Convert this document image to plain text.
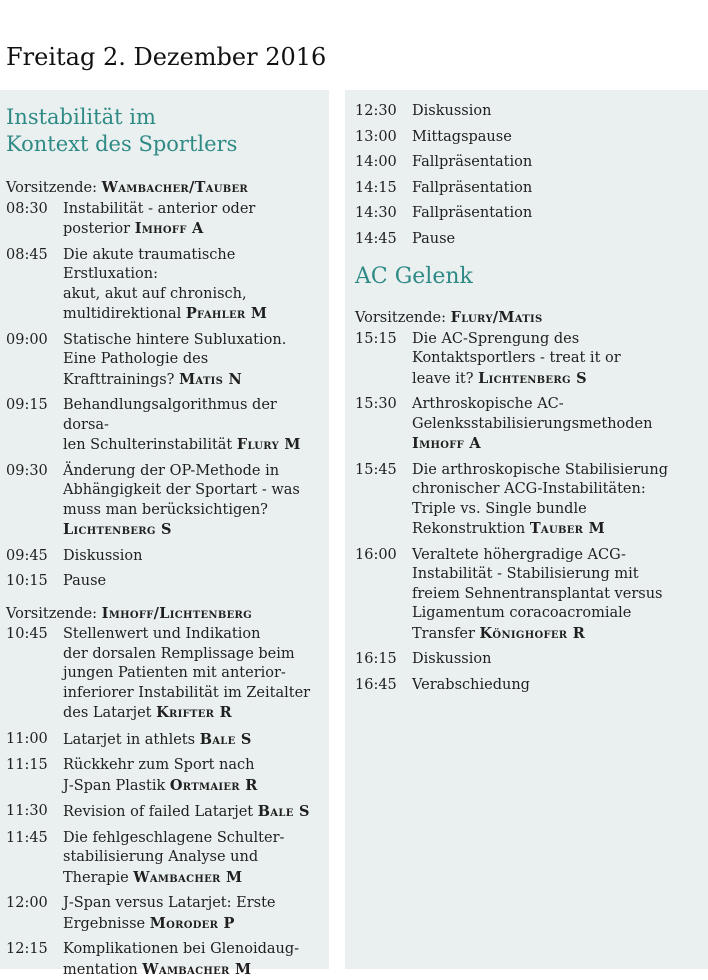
Freitag 2. Dezember 2016
Instabilität im
Kontext des Sportlers

Vorsitzende: Wambacher/Tauber

08:30	Instabilität - anterior oder
posterior Imhoff A
08:45	Die akute traumatische Erstluxation:
akut, akut auf chronisch,
multidirektional Pfahler M
09:00	Statische hintere Subluxation.
Eine Pathologie des
Krafttrainings? Matis N
09:15	Behandlungsalgorithmus der dorsa-
len Schulterinstabilität Flury M
09:30	Änderung der OP-Methode in
Abhängigkeit der Sportart - was
muss man berücksichtigen?
Lichtenberg S
09:45	Diskussion
10:15	Pause

Vorsitzende: Imhoff/Lichtenberg

10:45	Stellenwert und Indikation
der dorsalen Remplissage beim
jungen Patienten mit anterior-
inferiorer Instabilität im Zeitalter
des Latarjet Krifter R
11:00	Latarjet in athlets Bale S
11:15	Rückkehr zum Sport nach
J-Span Plastik Ortmaier R
11:30	Revision of failed Latarjet Bale S
11:45	Die fehlgeschlagene Schulter-
stabilisierung Analyse und
Therapie Wambacher M
12:00	J-Span versus Latarjet: Erste
Ergebnisse Moroder P
12:15	Komplikationen bei Glenoidaug-
mentation Wambacher M
12:30	Diskussion
13:00	Mittagspause
14:00	Fallpräsentation
14:15	Fallpräsentation
14:30	Fallpräsentation
14:45	Pause
AC Gelenk

Vorsitzende: Flury/Matis

15:15	Die AC-Sprengung des
Kontaktsportlers - treat it or
leave it? Lichtenberg S
15:30	Arthroskopische AC-
Gelenksstabilisierungsmethoden
Imhoff A
15:45	Die arthroskopische Stabilisierung
chronischer ACG-Instabilitäten:
Triple vs. Single bundle
Rekonstruktion Tauber M
16:00	Veraltete höhergradige ACG-
Instabilität - Stabilisierung mit
freiem Sehnentransplantat versus
Ligamentum coracoacromiale
Transfer Könighofer R
16:15	Diskussion
16:45	Verabschiedung
